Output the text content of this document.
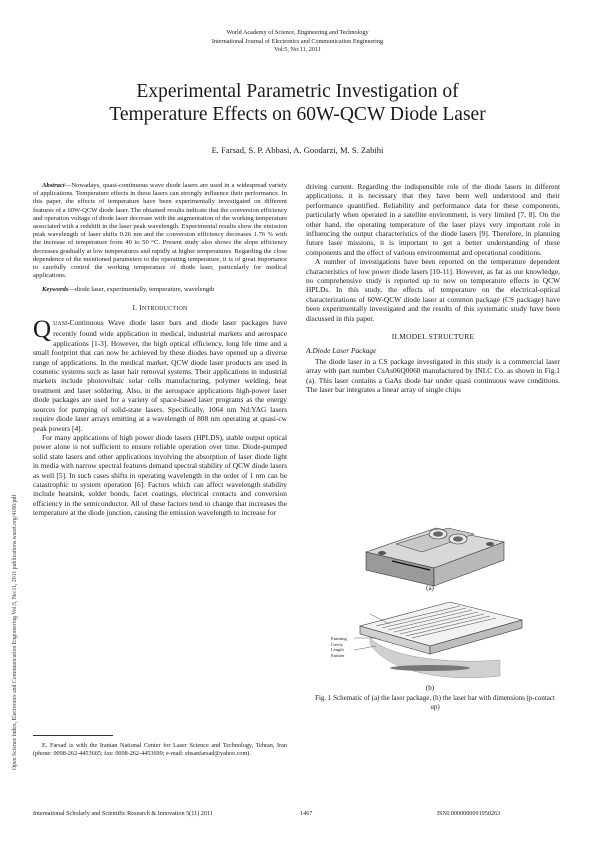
World Academy of Science, Engineering and Technology
International Journal of Electronics and Communication Engineering
Vol:5, No:11, 2011
Experimental Parametric Investigation of
Temperature Effects on 60W-QCW Diode Laser
E. Farsad, S. P. Abbasi, A. Goodarzi, M. S. Zabihi
Open Science Index, Electronics and Communication Engineering Vol:5, No:11, 2011 publications.waset.org/4166/pdf

Abstract—Nowadays, quasi-continuous wave diode lasers are used in a widespread variety of applications. Temperature effects in these lasers can strongly influence their performance. In this paper, the effects of temperature have been experimentally investigated on different features of a 60W-QCW diode laser. The obtained results indicate that the conversion efficiency and operation voltage of diode laser decrease with the augmentation of the working temperature associated with a redshift in the laser peak wavelength. Experimental results show the emission peak wavelength of laser shifts 0.26 nm and the conversion efficiency decreases 1.76 % with the increase of temperature from 40 to 50 °C. Present study also shows the slope efficiency decreases gradually at low temperatures and rapidly at higher temperatures. Regarding the close dependence of the mentioned parameters to the operating temperature, it is of great importance to carefully control the working temperature of diode laser, particularly for medical applications.

Keywords—diode laser, experimentally, temperature, wavelength

I. INTRODUCTION
QUASI-Continuous Wave diode laser bars and diode laser packages have recently found wide application in medical, industrial markets and aerospace applications [1-3]. However, the high optical efficiency, long life time and a small footprint that can now be achieved by these diodes have opened up a diverse range of applications. In the medical market, QCW diode laser products are used in cosmetic systems such as laser hair removal systems. Their applications in industrial markets include photovoltaic solar cells manufacturing, polymer welding, heat treatment and laser soldering. Also, in the aerospace applications high-power laser diode packages are used for a variety of space-based laser programs as the energy sources for pumping of solid-state lasers. Specifically, 1064 nm Nd:YAG lasers require diode laser arrays emitting at a wavelength of 808 nm operating at quasi-cw peak powers [4].

For many applications of high power diode lasers (HPLDS), stable output optical power alone is not sufficient to ensure reliable operation over time. Diode-pumped solid state lasers and other applications involving the absorption of laser diode light in media with narrow spectral features demand spectral stability of QCW diode lasers as well [5]. In such cases shifts in operating wavelength in the order of 1 nm can be catastrophic to system operation [6]. Factors which can affect wavelength stability include heatsink, solder bonds, facet coatings, electrical contacts and conversion efficiency in the semiconductor. All of these factors tend to change that increases the temperature at the diode junction, causing the emission wavelength to increase for

E. Farsad is with the Iranian National Center for Laser Science and Technology, Tehran, Iran (phone: 0098-262-4453665; fax: 0098-262-4453699; e-mail: ehsanfarsad@yahoo.com).

driving current. Regarding the indispensible role of the diode lasers in different applications, it is necessary that they have been well understood and their performance quantified. Reliability and performance data for these components, particularly when operated in a satellite environment, is very limited [7, 8]. On the other hand, the operating temperature of the laser plays very important role in influencing the output characteristics of the diode lasers [9]. Therefore, in planning future laser missions, it is important to get a better understanding of these components and the effect of various environmental and operational conditions.

A number of investigations have been reported on the temperature dependent characteristics of low power diode lasers [10-11]. However, as far as our knowledge, no comprehensive study is reported up to now on temperature effects in QCW HPLDs. In this study, the effects of temperature on the electrical-optical characterizations of 60W-QCW diode laser at common package (CS package) have been experimentally investigated and the results of this systematic study have been discussed in this paper.

II.MODEL STRUCTURE
A.Diode Laser Package

The diode laser in a CS package investigated in this study is a commercial laser array with part number CsAs06Q0060 manufactured by INLC Co. as shown in Fig.1 (a). This laser contains a GaAs diode bar under quasi continuous wave conditions. The laser bar integrates a linear array of single chips

(a)
Emitting
Cavity
Length
Emitter
(b)
Fig. 1 Schematic of (a) the laser package, (b) the laser bar with dimensions (p-contact up)
International Scholarly and Scientific Research & Innovation 5(11) 2011	1467	ISNI:0000000091950263
